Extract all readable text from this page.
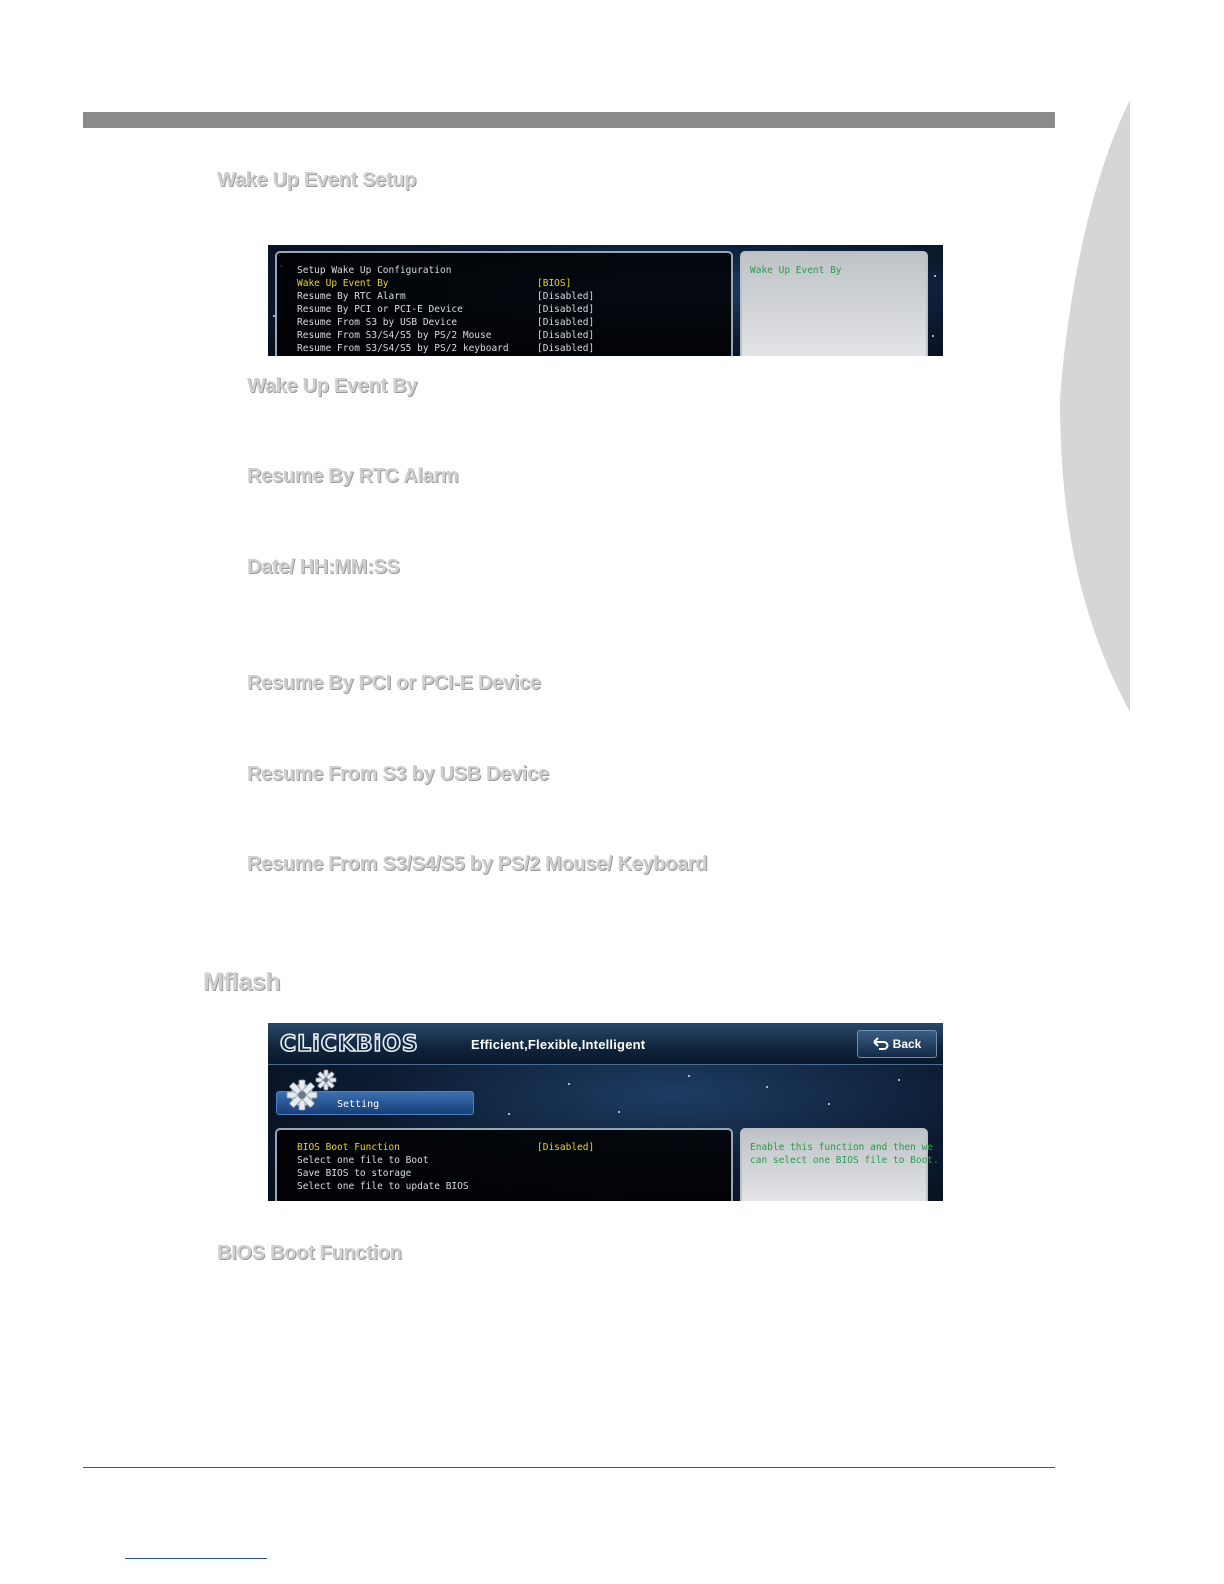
Wake Up Event Setup
Setup Wake Up Configuration
Wake Up Event By	[BIOS]
Resume By RTC Alarm	[Disabled]
Resume By PCI or PCI-E Device	[Disabled]
Resume From S3 by USB Device	[Disabled]
Resume From S3/S4/S5 by PS/2 Mouse	[Disabled]
Resume From S3/S4/S5 by PS/2 keyboard	[Disabled]
Wake Up Event By
Wake Up Event By
Resume By RTC Alarm
Date/ HH:MM:SS
Resume By PCI or PCI-E Device
Resume From S3 by USB Device
Resume From S3/S4/S5 by PS/2 Mouse/ Keyboard
Mflash
CLiCKBiOS	Efficient,Flexible,Intelligent	Back
Setting
BIOS Boot Function	[Disabled]
Select one file to Boot
Save BIOS to storage
Select one file to update BIOS
Enable this function and then we
can select one BIOS file to Boot.
BIOS Boot Function
